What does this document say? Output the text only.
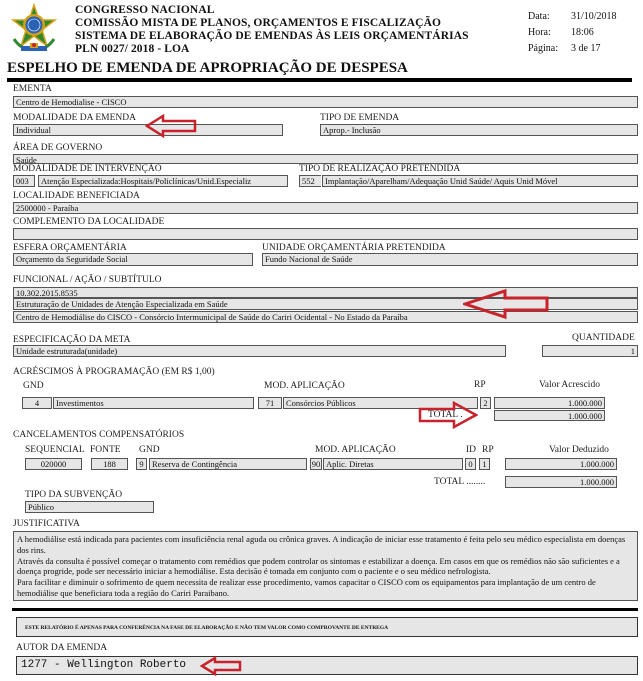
CONGRESSO NACIONAL
COMISSÃO MISTA DE PLANOS, ORÇAMENTOS E FISCALIZAÇÃO
SISTEMA DE ELABORAÇÃO DE EMENDAS ÀS LEIS ORÇAMENTÁRIAS
PLN 0027/ 2018 - LOA
Data: 31/10/2018
Hora: 18:06
Página: 3 de 17
ESPELHO DE EMENDA DE APROPRIAÇÃO DE DESPESA
EMENTA
Centro de Hemodialise - CISCO
MODALIDADE DA EMENDA
Individual
TIPO DE EMENDA
Aprop.- Inclusão
ÁREA DE GOVERNO
Saúde
MODALIDADE DE INTERVENÇÃO
003	Atenção Especializada:Hospitais/Policlínicas/Unid.Especializ
TIPO DE REALIZAÇÃO PRETENDIDA
552	Implantação/Aparelham/Adequação Unid Saúde/ Aquis Unid Móvel
LOCALIDADE BENEFICIADA
2500000 - Paraíba
COMPLEMENTO DA LOCALIDADE
ESFERA ORÇAMENTÁRIA
Orçamento da Seguridade Social
UNIDADE ORÇAMENTÁRIA PRETENDIDA
Fundo Nacional de Saúde
FUNCIONAL / AÇÃO / SUBTÍTULO
10.302.2015.8535
Estruturação de Unidades de Atenção Especializada em Saúde
Centro de Hemodiálise do CISCO - Consórcio Intermunicipal de Saúde do Cariri Ocidental - No Estado da Paraíba
ESPECIFICAÇÃO DA META
Unidade estruturada(unidade)
QUANTIDADE
1
ACRÉSCIMOS À PROGRAMAÇÃO (EM R$ 1,00)
GND	MOD. APLICAÇÃO	RP	Valor Acrescido
4	Investimentos	71	Consórcios Públicos	2	1.000.000
TOTAL .	1.000.000
CANCELAMENTOS COMPENSATÓRIOS
SEQUENCIAL FONTE GND	MOD. APLICAÇÃO	ID RP	Valor Deduzido
020000	188	9 Reserva de Contingência	90 Aplic. Diretas	0	1	1.000.000
TOTAL ........	1.000.000
TIPO DA SUBVENÇÃO
Público
JUSTIFICATIVA
A hemodiálise está indicada para pacientes com insuficiência renal aguda ou crônica graves. A indicação de iniciar esse tratamento é feita pelo seu médico especialista em doenças dos rins.
Através da consulta é possível começar o tratamento com remédios que podem controlar os sintomas e estabilizar a doença. Em casos em que os remédios não são suficientes e a doença progride, pode ser necessário iniciar a hemodiálise. Esta decisão é tomada em conjunto com o paciente e o seu médico nefrologista.
Para facilitar e diminuir o sofrimento de quem necessita de realizar esse procedimento, vamos capacitar o CISCO com os equipamentos para implantação de um centro de hemodiálise que beneficiara toda a região do Cariri Paraibano.
ESTE RELATÓRIO É APENAS PARA CONFERÊNCIA NA FASE DE ELABORAÇÃO E NÃO TEM VALOR COMO COMPROVANTE DE ENTREGA
AUTOR DA EMENDA
1277 - Wellington Roberto
